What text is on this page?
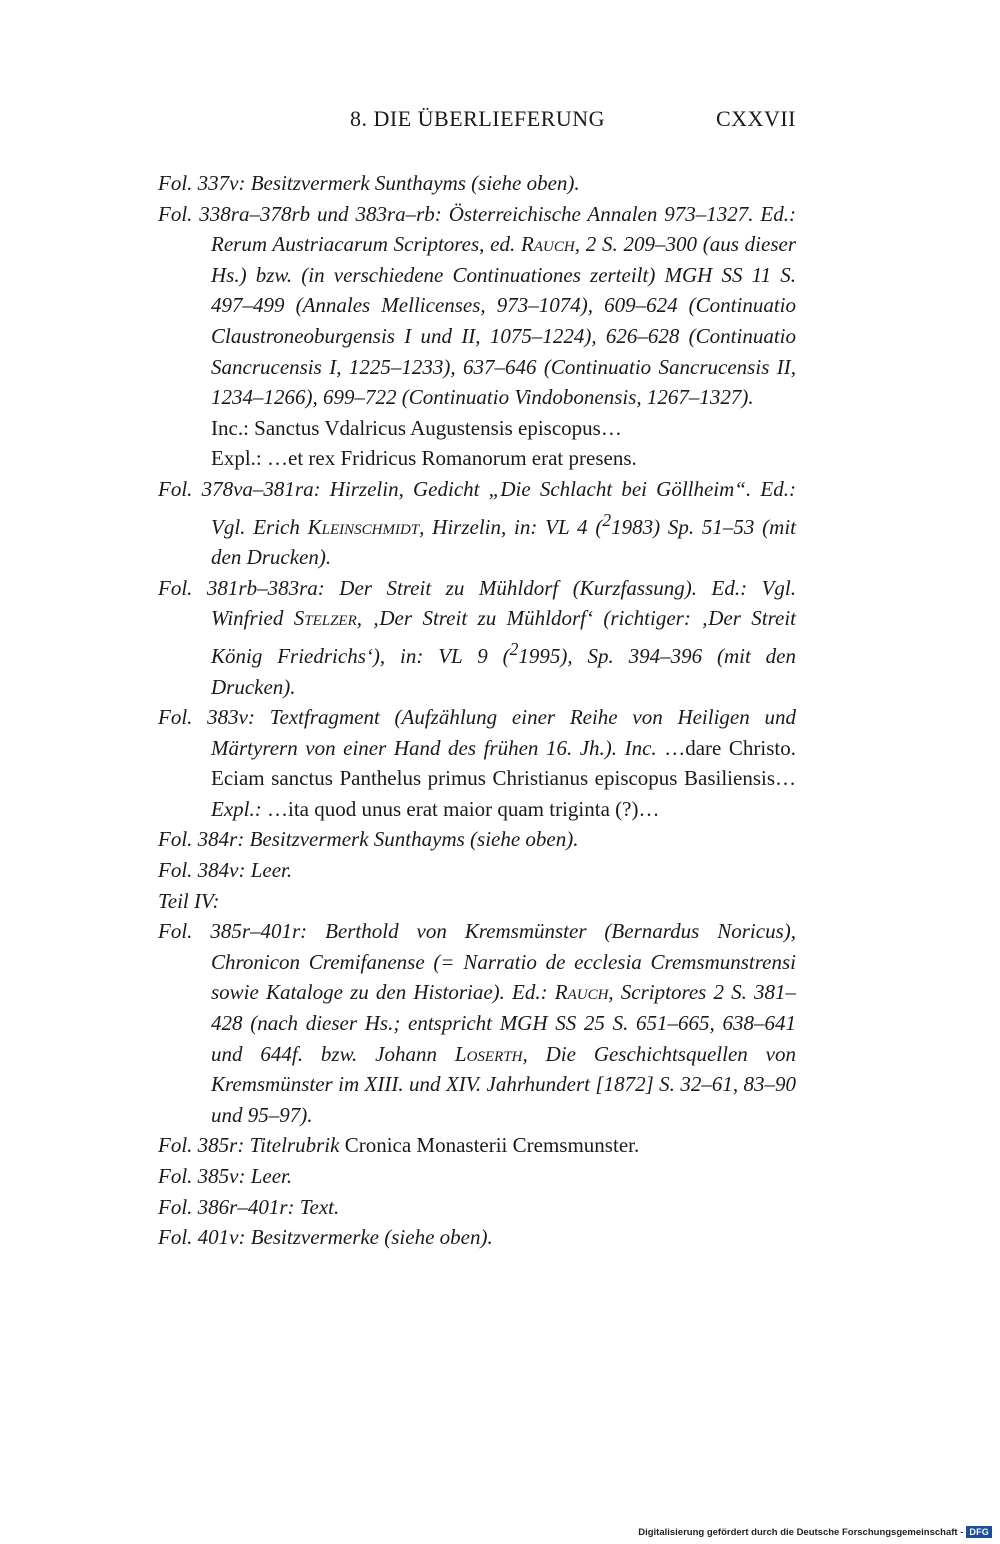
8. DIE ÜBERLIEFERUNG	CXXVII

Fol. 337v: Besitzvermerk Sunthayms (siehe oben).

Fol. 338ra–378rb und 383ra–rb: Österreichische Annalen 973–1327. Ed.: Rerum Austriacarum Scriptores, ed. Rauch, 2 S. 209–300 (aus dieser Hs.) bzw. (in verschiedene Continuationes zerteilt) MGH SS 11 S. 497–499 (Annales Mellicenses, 973–1074), 609–624 (Continuatio Claustroneoburgensis I und II, 1075–1224), 626–628 (Continuatio Sancrucensis I, 1225–1233), 637–646 (Continuatio Sancrucensis II, 1234–1266), 699–722 (Continuatio Vindobonensis, 1267–1327).

Inc.: Sanctus Vdalricus Augustensis episcopus…

Expl.: …et rex Fridricus Romanorum erat presens.

Fol. 378va–381ra: Hirzelin, Gedicht „Die Schlacht bei Göllheim“. Ed.: Vgl. Erich Kleinschmidt, Hirzelin, in: VL 4 ($^2$1983) Sp. 51–53 (mit den Drucken).

Fol. 381rb–383ra: Der Streit zu Mühldorf (Kurzfassung). Ed.: Vgl. Winfried Stelzer, ‚Der Streit zu Mühldorf‘ (richtiger: ‚Der Streit König Friedrichs‘), in: VL 9 ($^2$1995), Sp. 394–396 (mit den Drucken).

Fol. 383v: Textfragment (Aufzählung einer Reihe von Heiligen und Märtyrern von einer Hand des frühen 16. Jh.). Inc. …dare Christo. Eciam sanctus Panthelus primus Christianus episcopus Basiliensis… Expl.: …ita quod unus erat maior quam triginta (?)…

Fol. 384r: Besitzvermerk Sunthayms (siehe oben).

Fol. 384v: Leer.

Teil IV:

Fol. 385r–401r: Berthold von Kremsmünster (Bernardus Noricus), Chronicon Cremifanense (= Narratio de ecclesia Cremsmunstrensi sowie Kataloge zu den Historiae). Ed.: Rauch, Scriptores 2 S. 381–428 (nach dieser Hs.; entspricht MGH SS 25 S. 651–665, 638–641 und 644f. bzw. Johann Loserth, Die Geschichtsquellen von Kremsmünster im XIII. und XIV. Jahrhundert [1872] S. 32–61, 83–90 und 95–97).

Fol. 385r: Titelrubrik Cronica Monasterii Cremsmunster.

Fol. 385v: Leer.

Fol. 386r–401r: Text.

Fol. 401v: Besitzvermerke (siehe oben).

Digitalisierung gefördert durch die Deutsche Forschungsgemeinschaft - DFG
